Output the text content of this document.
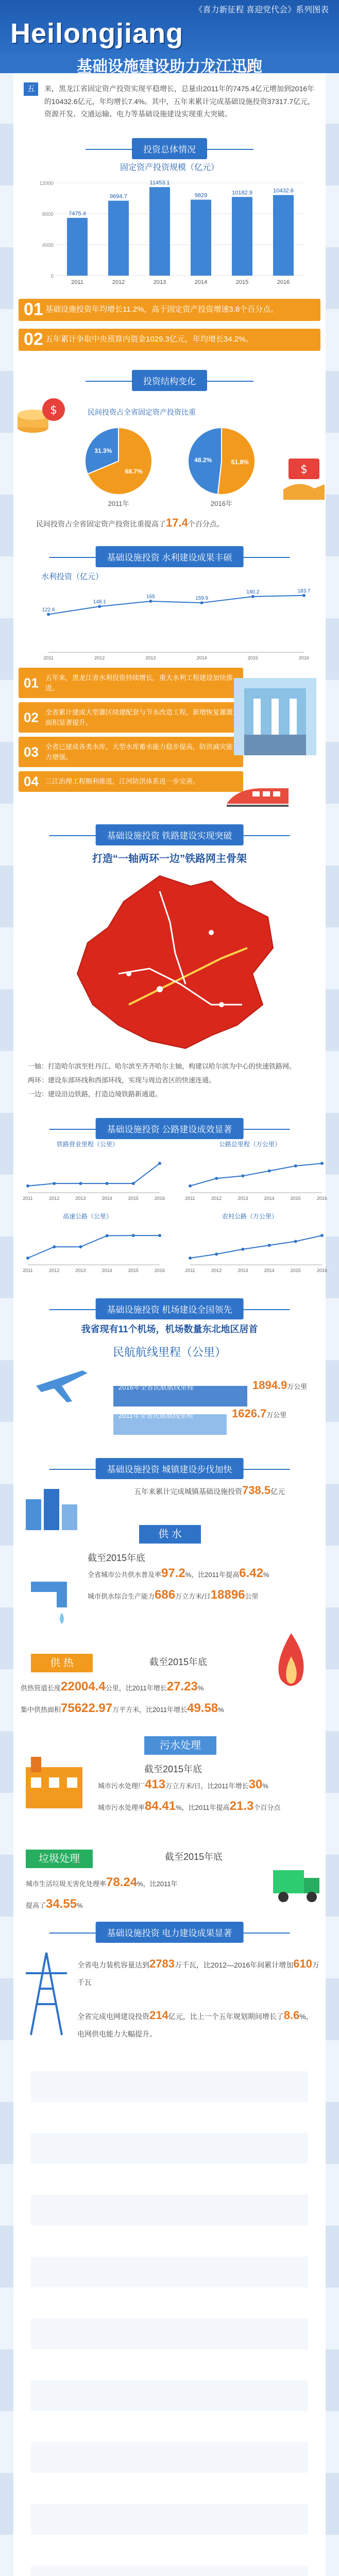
《喜力新征程 喜迎党代会》系列图表
Heilongjiang
基础设施建设助力龙江迅跑
五年
来，黑龙江省固定资产投资实现平稳增长，总量由2011年的7475.4亿元增加到2016年的10432.6亿元，年均增长7.4%。其中，五年来累计完成基础设施投资37317.7亿元，资源开发、交通运输、电力等基础设施建设实现重大突破。
投资总体情况
固定资产投资规模（亿元）
0
4000
8000
12000
7475.4
2011
9694.7
2012
11453.1
2013
9829
2014
10182.9
2015
10432.6
2016
01 基础设施投资年均增长11.2%，高于固定资产投资增速3.8个百分点。
02 五年累计争取中央预算内资金1029.3亿元，年均增长34.2%。
投资结构变化
$	民间投资占全省固定资产投资比重
68.7%
31.3%
2011年
51.8%
48.2%
2016年
$
民间投资占全省固定资产投资比重提高了17.4个百分点。
基础设施投资 水利建设成果丰硕
水利投资（亿元）
2011
122.6
2012
148.1
2013
165
2014
159.9
2015
180.2
2016
183.7
01 五年来，黑龙江省水利投资持续增长，重大水利工程建设加快推进。
02 全省累计建成大型灌区续建配套与节水改造工程，新增恢复灌溉面积显著提升。
03 全省已建成各类水库，大型水库蓄水能力稳步提高，防洪减灾能力增强。
04 三江治理工程顺利推进，江河防洪体系进一步完善。
基础设施投资 铁路建设实现突破
打造“一轴两环一边”铁路网主骨架
一轴：打造哈尔滨至牡丹江、哈尔滨至齐齐哈尔主轴，构建以哈尔滨为中心的快速铁路网。
两环：建设东部环线和西部环线，实现与周边省区的快速连通。
一边：建设沿边铁路，打造边境铁路新通道。
基础设施投资 公路建设成效显著
铁路营业里程（公里）
2011	2012	2013	2014	2015	2016
公路总里程（万公里）
2011	2012	2013	2014	2015	2016
高速公路（公里）
2011	2012	2013	2014	2015	2016
农村公路（万公里）
2011	2012	2013	2014	2015	2016
基础设施投资 机场建设全国领先
我省现有11个机场，机场数量东北地区居首
民航航线里程（公里）
2016年全省民航航线里程	1894.9万公里
2011年全省民航航线里程	1626.7万公里
基础设施投资 城镇建设步伐加快
五年来累计完成城镇基础设施投资738.5亿元
供 水
截至2015年底
全省城市公共供水普及率97.2%，比2011年提高6.42%
城市供水综合生产能力686万立方米/日18896公里
供 热	截至2015年底
供热管道长度22004.4公里，比2011年增长27.23%
集中供热面积75622.97万平方米，比2011年增长49.58%
污水处理
截至2015年底
城市污水处理厂413万立方米/日，比2011年增长30%
城市污水处理率84.41%，比2011年提高21.3个百分点
垃圾处理	截至2015年底
城市生活垃圾无害化处理率78.24%，比2011年
提高了34.55%
基础设施投资 电力建设成果显著
全省电力装机容量达到2783万千瓦，比2012—2016年间累计增加610万千瓦
全省完成电网建设投资214亿元，比上一个五年规划期间增长了8.6%，电网供电能力大幅提升。
